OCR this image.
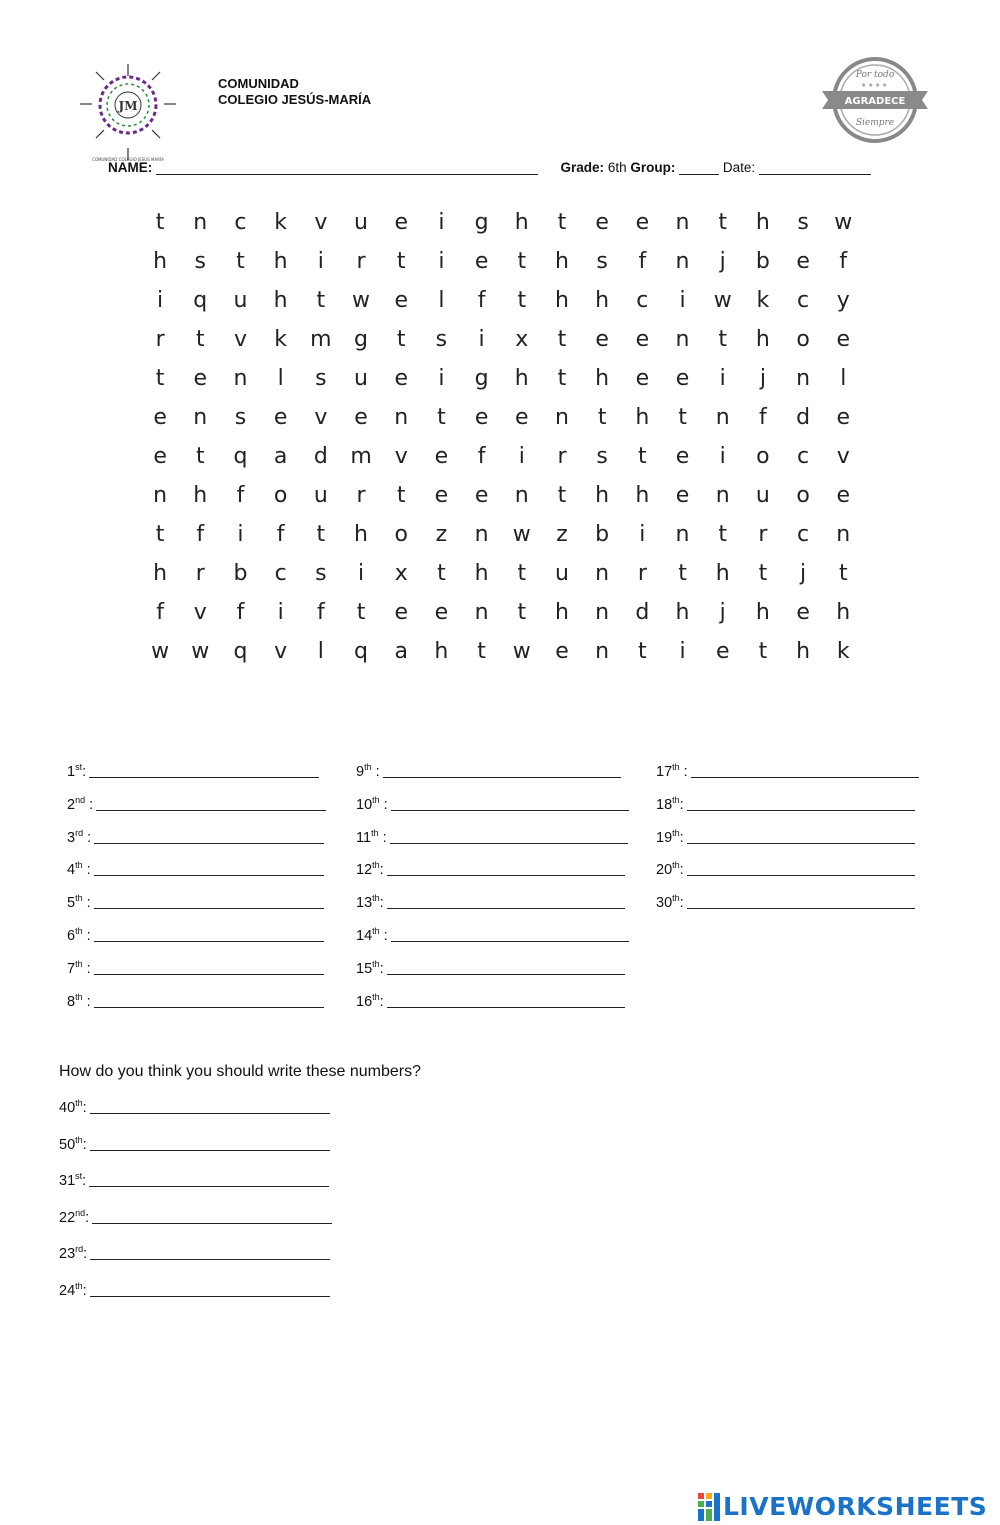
JM
COMUNIDAD COLEGIO JESÚS MARÍA
COMUNIDAD
COLEGIO JESÚS-MARÍA
Por todo
★ ★ ★ ★
AGRADECE
Siempre
NAME:	Grade: 6th Group:	Date:
t	n	c	k	v	u	e	i	g	h	t	e	e	n	t	h	s	w
h	s	t	h	i	r	t	i	e	t	h	s	f	n	j	b	e	f
i	q	u	h	t	w	e	l	f	t	h	h	c	i	w	k	c	y
r	t	v	k	m	g	t	s	i	x	t	e	e	n	t	h	o	e
t	e	n	l	s	u	e	i	g	h	t	h	e	e	i	j	n	l
e	n	s	e	v	e	n	t	e	e	n	t	h	t	n	f	d	e
e	t	q	a	d	m	v	e	f	i	r	s	t	e	i	o	c	v
n	h	f	o	u	r	t	e	e	n	t	h	h	e	n	u	o	e
t	f	i	f	t	h	o	z	n	w	z	b	i	n	t	r	c	n
h	r	b	c	s	i	x	t	h	t	u	n	r	t	h	t	j	t
f	v	f	i	f	t	e	e	n	t	h	n	d	h	j	h	e	h
w	w	q	v	l	q	a	h	t	w	e	n	t	i	e	t	h	k
1st:
2nd :
3rd :
4th :
5th :
6th :
7th :
8th :
9th :
10th :
11th :
12th:
13th:
14th :
15th:
16th:
17th :
18th:
19th:
20th:
30th:
40th:
50th:
31st:
22nd:
23rd:
24th:
How do you think you should write these numbers?
LIVEWORKSHEETS
